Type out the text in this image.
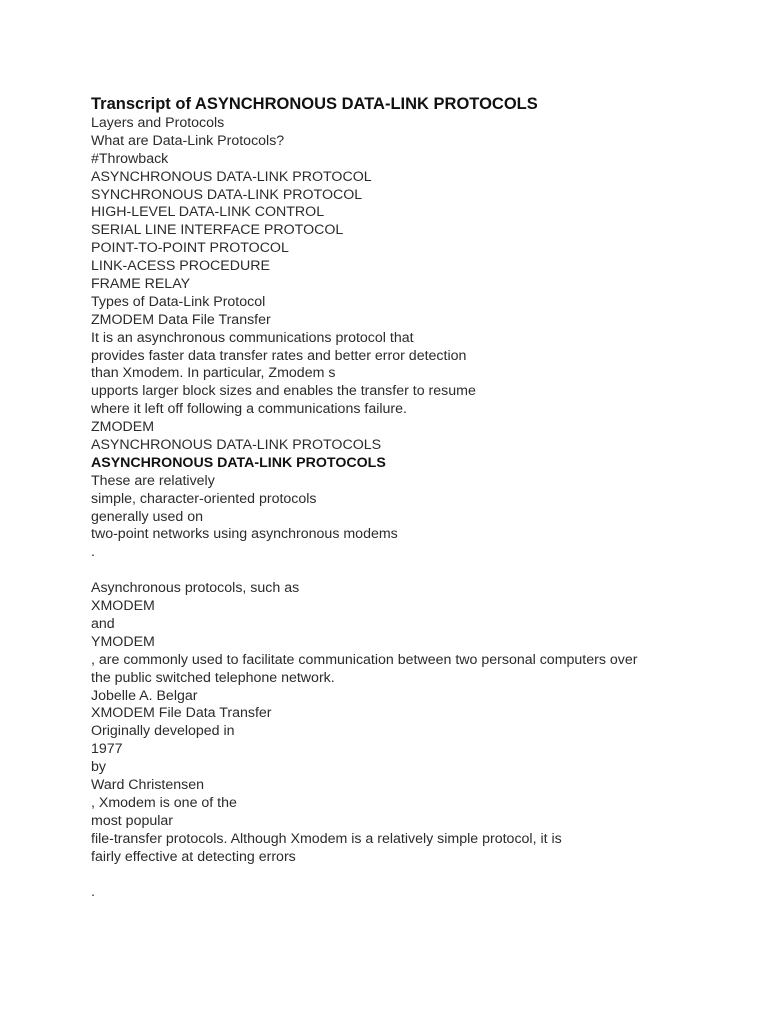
Transcript of ASYNCHRONOUS DATA-LINK PROTOCOLS
Layers and Protocols
What are Data-Link Protocols?
#Throwback
ASYNCHRONOUS DATA-LINK PROTOCOL
SYNCHRONOUS DATA-LINK PROTOCOL
HIGH-LEVEL DATA-LINK CONTROL
SERIAL LINE INTERFACE PROTOCOL
POINT-TO-POINT PROTOCOL
LINK-ACESS PROCEDURE
FRAME RELAY
Types of Data-Link Protocol
ZMODEM Data File Transfer
It is an asynchronous communications protocol that
provides faster data transfer rates and better error detection
than Xmodem. In particular, Zmodem s
upports larger block sizes and enables the transfer to resume
where it left off following a communications failure.
ZMODEM
ASYNCHRONOUS DATA-LINK PROTOCOLS
ASYNCHRONOUS DATA-LINK PROTOCOLS
These are relatively
simple, character-oriented protocols
generally used on
two-point networks using asynchronous modems
.
Asynchronous protocols, such as
XMODEM
and
YMODEM
, are commonly used to facilitate communication between two personal computers over
the public switched telephone network.
Jobelle A. Belgar
XMODEM File Data Transfer
Originally developed in
1977
by
Ward Christensen
, Xmodem is one of the
most popular
file-transfer protocols. Although Xmodem is a relatively simple protocol, it is
fairly effective at detecting errors
.
